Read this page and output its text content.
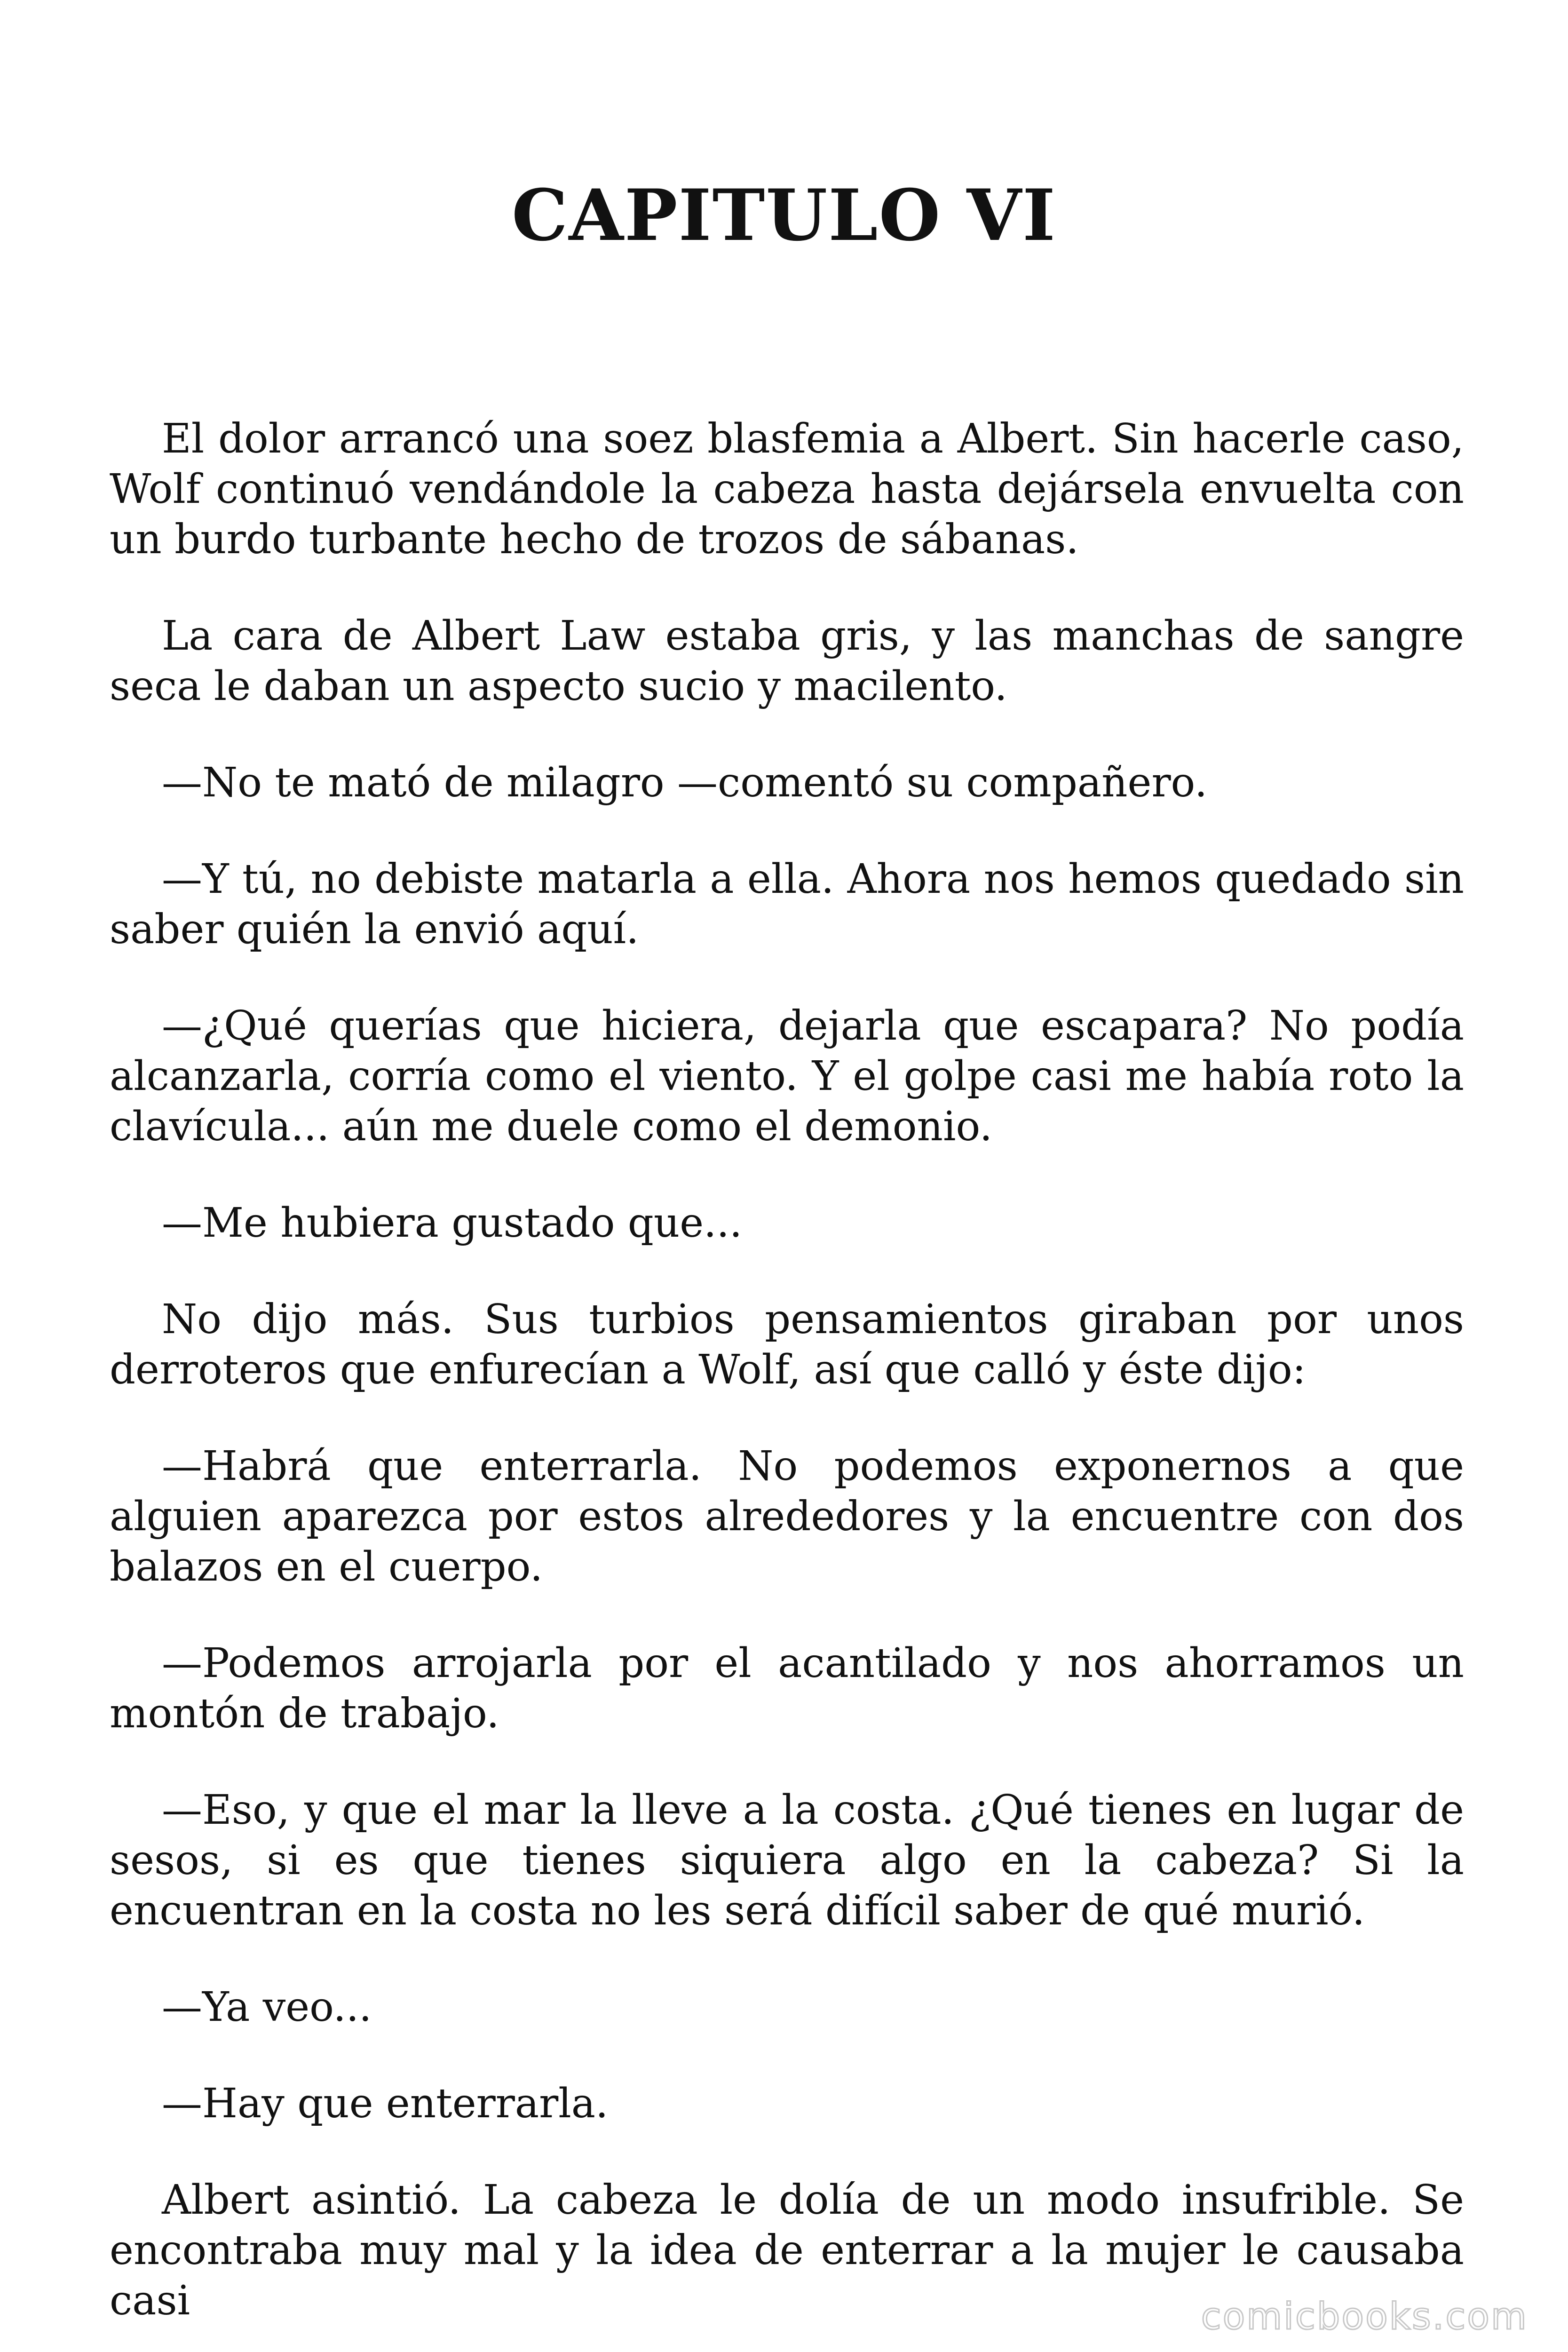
CAPITULO VI

El dolor arrancó una soez blasfemia a Albert. Sin hacerle caso, Wolf continuó vendándole la cabeza hasta dejársela envuelta con un burdo turbante hecho de trozos de sábanas.

La cara de Albert Law estaba gris, y las manchas de sangre seca le daban un aspecto sucio y macilento.

—No te mató de milagro —comentó su compañero.

—Y tú, no debiste matarla a ella. Ahora nos hemos quedado sin saber quién la envió aquí.

—¿Qué querías que hiciera, dejarla que escapara? No podía alcanzarla, corría como el viento. Y el golpe casi me había roto la clavícula... aún me duele como el demonio.

—Me hubiera gustado que...

No dijo más. Sus turbios pensamientos giraban por unos derroteros que enfurecían a Wolf, así que calló y éste dijo:

—Habrá que enterrarla. No podemos exponernos a que alguien aparezca por estos alrededores y la encuentre con dos balazos en el cuerpo.

—Podemos arrojarla por el acantilado y nos ahorramos un montón de trabajo.

—Eso, y que el mar la lleve a la costa. ¿Qué tienes en lugar de sesos, si es que tienes siquiera algo en la cabeza? Si la encuentran en la costa no les será difícil saber de qué murió.

—Ya veo...

—Hay que enterrarla.

Albert asintió. La cabeza le dolía de un modo insufrible. Se encontraba muy mal y la idea de enterrar a la mujer le causaba casi	comicbooks.com
